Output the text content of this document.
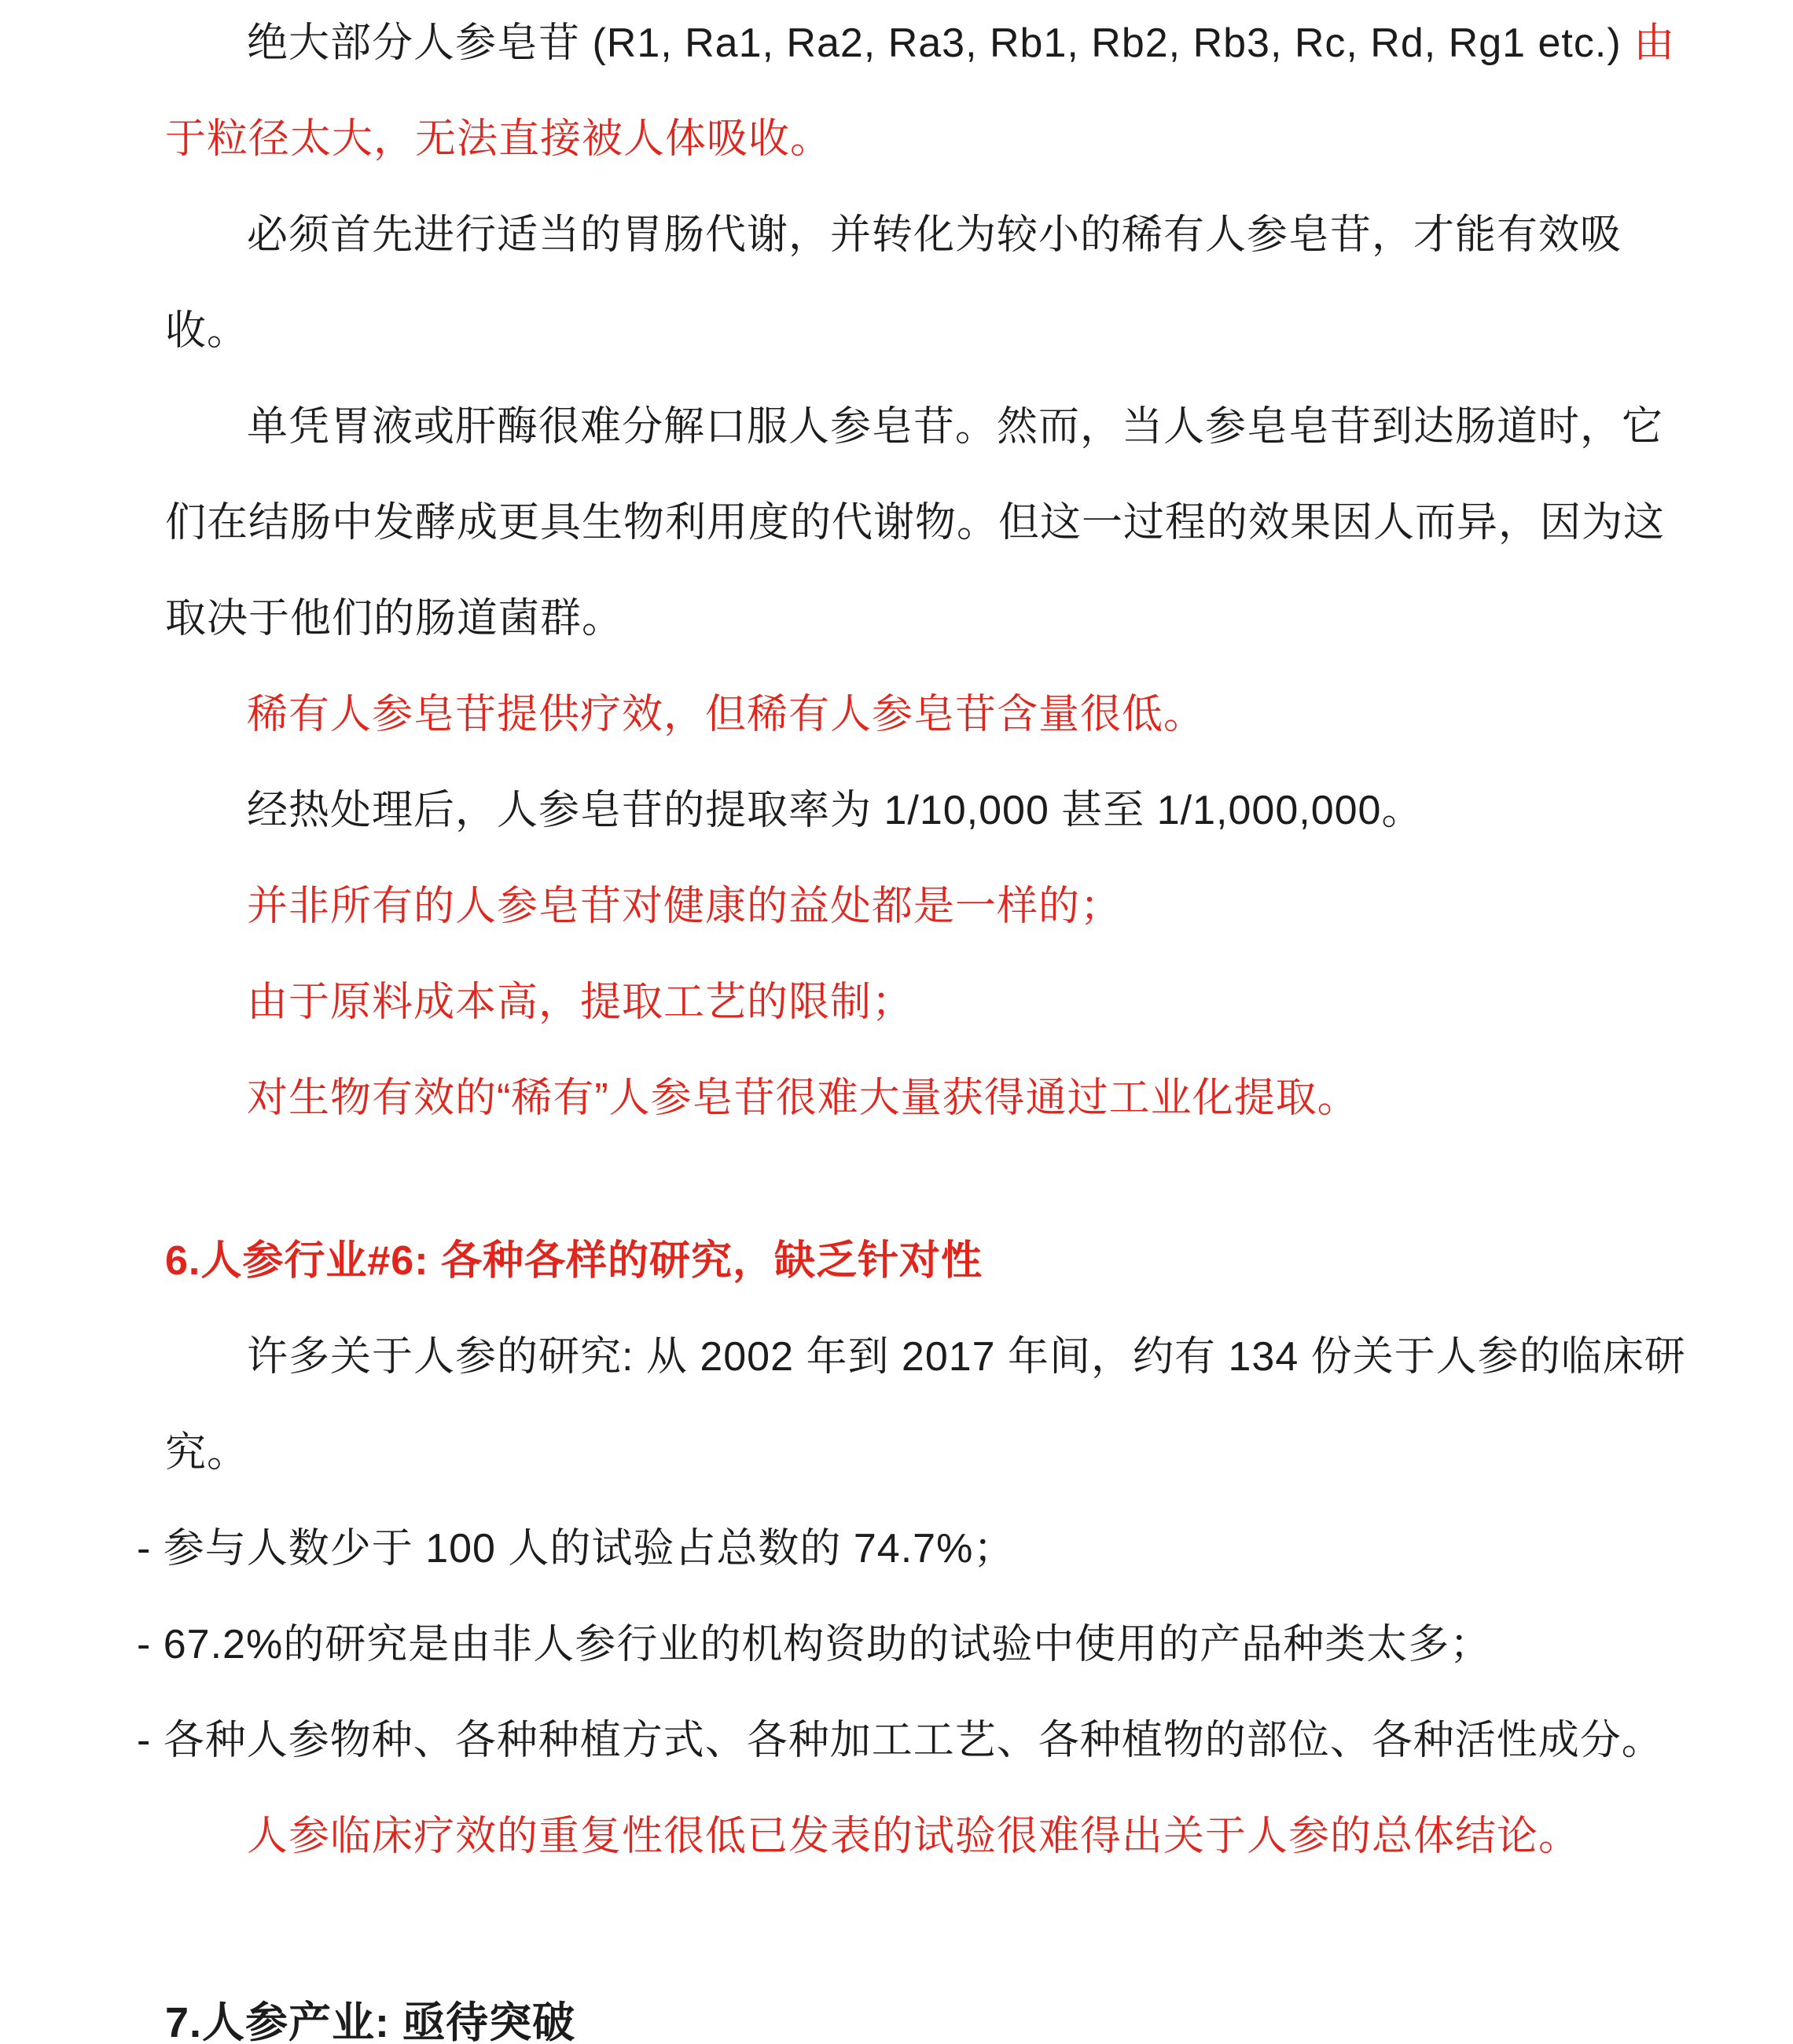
绝大部分人参皂苷 (R1, Ra1, Ra2, Ra3, Rb1, Rb2, Rb3, Rc, Rd, Rg1 etc.) 由于粒径太大，无法直接被人体吸收。

必须首先进行适当的胃肠代谢，并转化为较小的稀有人参皂苷，才能有效吸收。

单凭胃液或肝酶很难分解口服人参皂苷。然而，当人参皂皂苷到达肠道时，它们在结肠中发酵成更具生物利用度的代谢物。但这一过程的效果因人而异，因为这取决于他们的肠道菌群。

稀有人参皂苷提供疗效，但稀有人参皂苷含量很低。

经热处理后，人参皂苷的提取率为 1/10,000 甚至 1/1,000,000。

并非所有的人参皂苷对健康的益处都是一样的；

由于原料成本高，提取工艺的限制；

对生物有效的“稀有”人参皂苷很难大量获得通过工业化提取。

6.人参行业#6: 各种各样的研究，缺乏针对性

许多关于人参的研究: 从 2002 年到 2017 年间，约有 134 份关于人参的临床研究。

- 参与人数少于 100 人的试验占总数的 74.7%；

- 67.2%的研究是由非人参行业的机构资助的试验中使用的产品种类太多；

- 各种人参物种、各种种植方式、各种加工工艺、各种植物的部位、各种活性成分。

人参临床疗效的重复性很低已发表的试验很难得出关于人参的总体结论。

7.人参产业: 亟待突破
